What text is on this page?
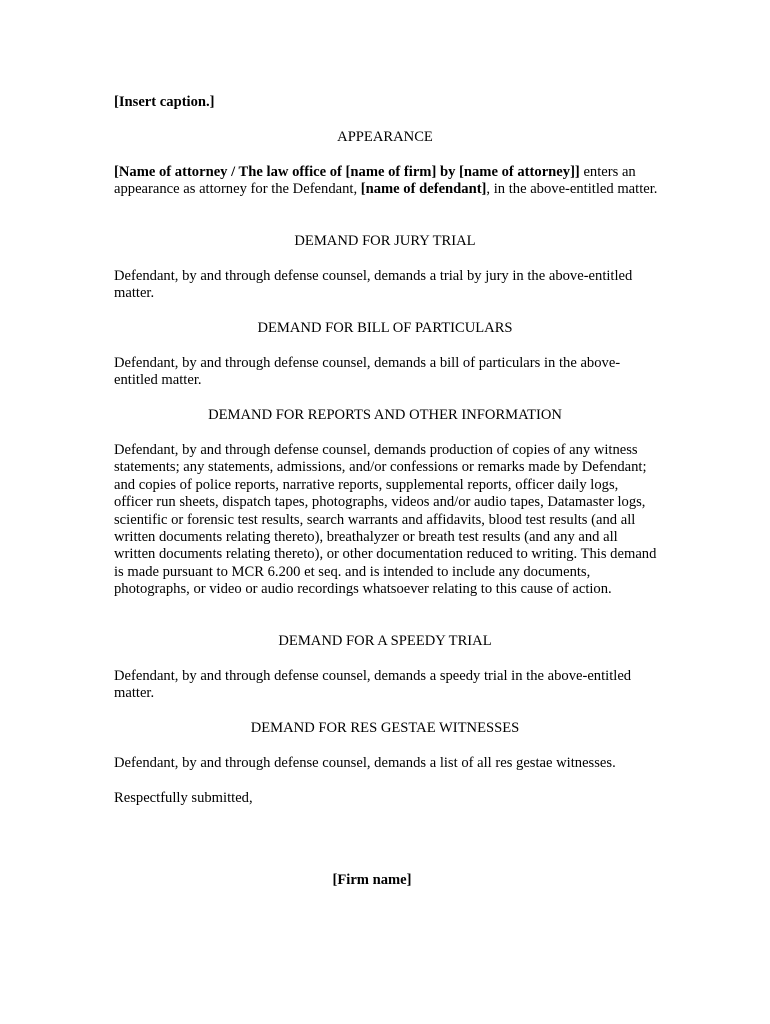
[Insert caption.]

APPEARANCE

[Name of attorney / The law office of [name of firm] by [name of attorney]] enters an appearance as attorney for the Defendant, [name of defendant], in the above-entitled matter.

DEMAND FOR JURY TRIAL

Defendant, by and through defense counsel, demands a trial by jury in the above-entitled matter.

DEMAND FOR BILL OF PARTICULARS

Defendant, by and through defense counsel, demands a bill of particulars in the above-entitled matter.

DEMAND FOR REPORTS AND OTHER INFORMATION

Defendant, by and through defense counsel, demands production of copies of any witness statements; any statements, admissions, and/or confessions or remarks made by Defendant; and copies of police reports, narrative reports, supplemental reports, officer daily logs, officer run sheets, dispatch tapes, photographs, videos and/or audio tapes, Datamaster logs, scientific or forensic test results, search warrants and affidavits, blood test results (and all written documents relating thereto), breathalyzer or breath test results (and any and all written documents relating thereto), or other documentation reduced to writing. This demand is made pursuant to MCR 6.200 et seq. and is intended to include any documents, photographs, or video or audio recordings whatsoever relating to this cause of action.

DEMAND FOR A SPEEDY TRIAL

Defendant, by and through defense counsel, demands a speedy trial in the above-entitled matter.

DEMAND FOR RES GESTAE WITNESSES

Defendant, by and through defense counsel, demands a list of all res gestae witnesses.

Respectfully submitted,

[Firm name]
